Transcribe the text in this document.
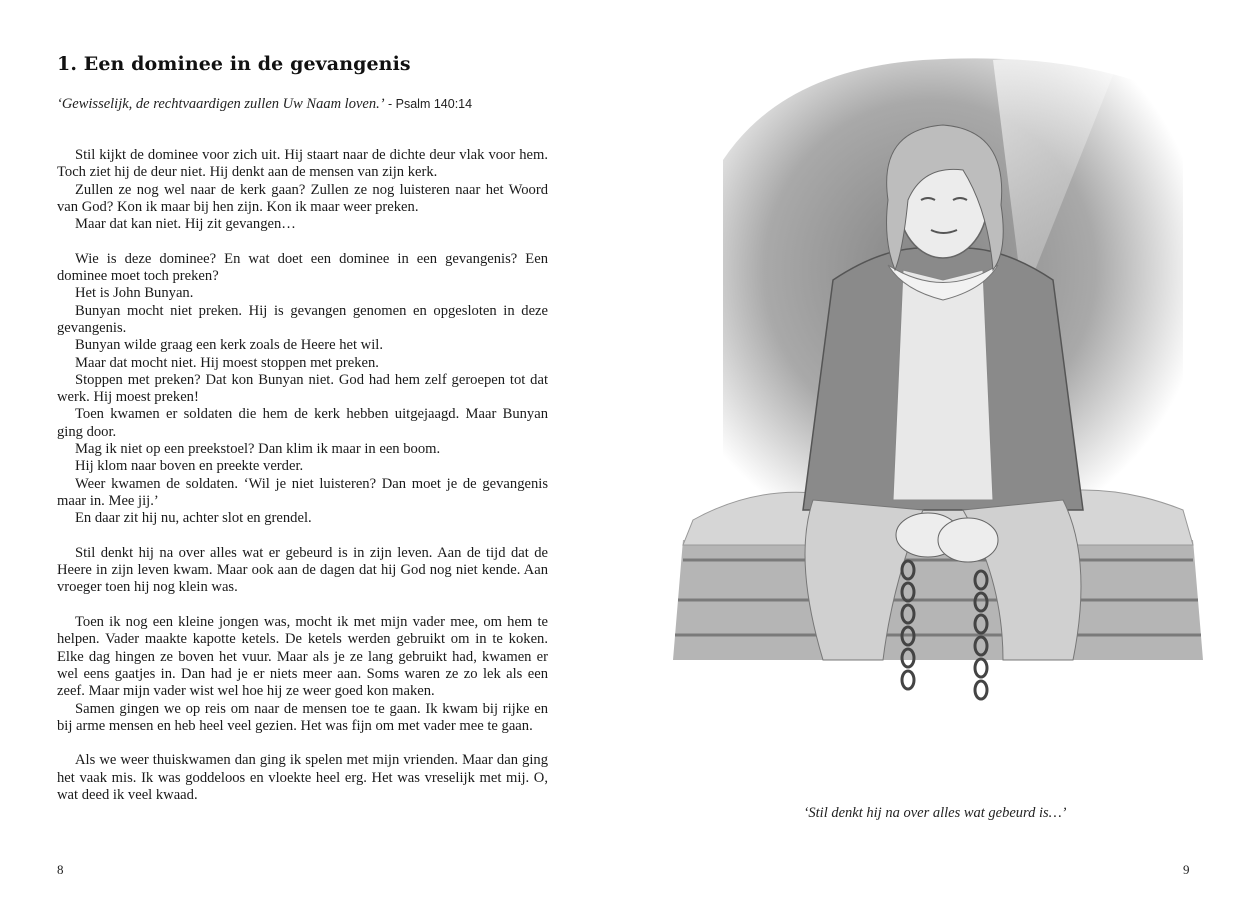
1. Een dominee in de gevangenis
‘Gewisselijk, de rechtvaardigen zullen Uw Naam loven.’ - Psalm 140:14

Stil kijkt de dominee voor zich uit. Hij staart naar de dichte deur vlak voor hem. Toch ziet hij de deur niet. Hij denkt aan de mensen van zijn kerk.

Zullen ze nog wel naar de kerk gaan? Zullen ze nog luisteren naar het Woord van God? Kon ik maar bij hen zijn. Kon ik maar weer preken.

Maar dat kan niet. Hij zit gevangen…

Wie is deze dominee? En wat doet een dominee in een gevangenis? Een dominee moet toch preken?

Het is John Bunyan.

Bunyan mocht niet preken. Hij is gevangen genomen en opgesloten in deze gevangenis.

Bunyan wilde graag een kerk zoals de Heere het wil.

Maar dat mocht niet. Hij moest stoppen met preken.

Stoppen met preken? Dat kon Bunyan niet. God had hem zelf geroepen tot dat werk. Hij moest preken!

Toen kwamen er soldaten die hem de kerk hebben uitgejaagd. Maar Bunyan ging door.

Mag ik niet op een preekstoel? Dan klim ik maar in een boom.

Hij klom naar boven en preekte verder.

Weer kwamen de soldaten. ‘Wil je niet luisteren? Dan moet je de gevangenis maar in. Mee jij.’

En daar zit hij nu, achter slot en grendel.

Stil denkt hij na over alles wat er gebeurd is in zijn leven. Aan de tijd dat de Heere in zijn leven kwam. Maar ook aan de dagen dat hij God nog niet kende. Aan vroeger toen hij nog klein was.

Toen ik nog een kleine jongen was, mocht ik met mijn vader mee, om hem te helpen. Vader maakte kapotte ketels. De ketels werden gebruikt om in te koken. Elke dag hingen ze boven het vuur. Maar als je ze lang gebruikt had, kwamen er wel eens gaatjes in. Dan had je er niets meer aan. Soms waren ze zo lek als een zeef. Maar mijn vader wist wel hoe hij ze weer goed kon maken.

Samen gingen we op reis om naar de mensen toe te gaan. Ik kwam bij rijke en bij arme mensen en heb heel veel gezien. Het was fijn om met vader mee te gaan.

Als we weer thuiskwamen dan ging ik spelen met mijn vrienden. Maar dan ging het vaak mis. Ik was goddeloos en vloekte heel erg. Het was vreselijk met mij. O, wat deed ik veel kwaad.

8
‘Stil denkt hij na over alles wat gebeurd is…’
9
